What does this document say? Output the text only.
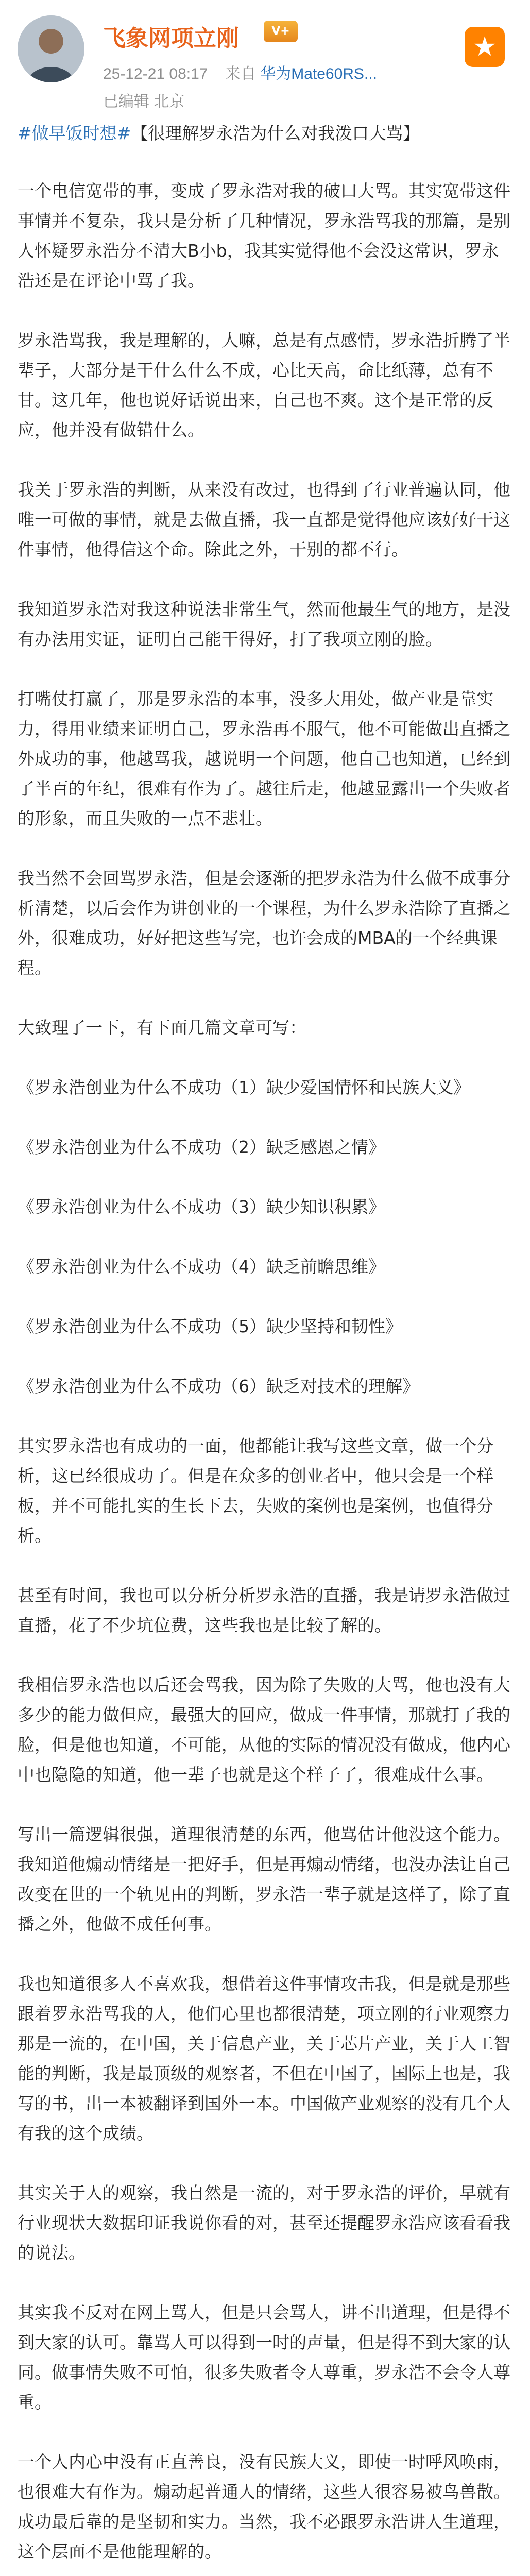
飞象网项立刚	V+
25-12-21 08:17 来自 华为Mate60RS...
已编辑 北京
★

#做早饭时想#【很理解罗永浩为什么对我泼口大骂】

一个电信宽带的事，变成了罗永浩对我的破口大骂。其实宽带这件事情并不复杂，我只是分析了几种情况，罗永浩骂我的那篇，是别人怀疑罗永浩分不清大B小b，我其实觉得他不会没这常识，罗永浩还是在评论中骂了我。

罗永浩骂我，我是理解的，人嘛，总是有点感情，罗永浩折腾了半辈子，大部分是干什么什么不成，心比天高，命比纸薄，总有不甘。这几年，他也说好话说出来，自己也不爽。这个是正常的反应，他并没有做错什么。

我关于罗永浩的判断，从来没有改过，也得到了行业普遍认同，他唯一可做的事情，就是去做直播，我一直都是觉得他应该好好干这件事情，他得信这个命。除此之外，干别的都不行。

我知道罗永浩对我这种说法非常生气，然而他最生气的地方，是没有办法用实证，证明自己能干得好，打了我项立刚的脸。

打嘴仗打赢了，那是罗永浩的本事，没多大用处，做产业是靠实力，得用业绩来证明自己，罗永浩再不服气，他不可能做出直播之外成功的事，他越骂我，越说明一个问题，他自己也知道，已经到了半百的年纪，很难有作为了。越往后走，他越显露出一个失败者的形象，而且失败的一点不悲壮。

我当然不会回骂罗永浩，但是会逐渐的把罗永浩为什么做不成事分析清楚，以后会作为讲创业的一个课程，为什么罗永浩除了直播之外，很难成功，好好把这些写完，也许会成的MBA的一个经典课程。

大致理了一下，有下面几篇文章可写：

《罗永浩创业为什么不成功（1）缺少爱国情怀和民族大义》

《罗永浩创业为什么不成功（2）缺乏感恩之情》

《罗永浩创业为什么不成功（3）缺少知识积累》

《罗永浩创业为什么不成功（4）缺乏前瞻思维》

《罗永浩创业为什么不成功（5）缺少坚持和韧性》

《罗永浩创业为什么不成功（6）缺乏对技术的理解》

其实罗永浩也有成功的一面，他都能让我写这些文章，做一个分析，这已经很成功了。但是在众多的创业者中，他只会是一个样板，并不可能扎实的生长下去，失败的案例也是案例，也值得分析。

甚至有时间，我也可以分析分析罗永浩的直播，我是请罗永浩做过直播，花了不少坑位费，这些我也是比较了解的。

我相信罗永浩也以后还会骂我，因为除了失败的大骂，他也没有大多少的能力做但应，最强大的回应，做成一件事情，那就打了我的脸，但是他也知道，不可能，从他的实际的情况没有做成，他内心中也隐隐的知道，他一辈子也就是这个样子了，很难成什么事。

写出一篇逻辑很强，道理很清楚的东西，他骂估计他没这个能力。我知道他煽动情绪是一把好手，但是再煽动情绪，也没办法让自己改变在世的一个轨见由的判断，罗永浩一辈子就是这样了，除了直播之外，他做不成任何事。

我也知道很多人不喜欢我，想借着这件事情攻击我，但是就是那些跟着罗永浩骂我的人，他们心里也都很清楚，项立刚的行业观察力那是一流的，在中国，关于信息产业，关于芯片产业，关于人工智能的判断，我是最顶级的观察者，不但在中国了，国际上也是，我写的书，出一本被翻译到国外一本。中国做产业观察的没有几个人有我的这个成绩。

其实关于人的观察，我自然是一流的，对于罗永浩的评价，早就有行业现状大数据印证我说你看的对，甚至还提醒罗永浩应该看看我的说法。

其实我不反对在网上骂人，但是只会骂人，讲不出道理，但是得不到大家的认可。靠骂人可以得到一时的声量，但是得不到大家的认同。做事情失败不可怕，很多失败者令人尊重，罗永浩不会令人尊重。

一个人内心中没有正直善良，没有民族大义，即使一时呼风唤雨，也很难大有作为。煽动起普通人的情绪，这些人很容易被鸟兽散。成功最后靠的是坚韧和实力。当然，我不必跟罗永浩讲人生道理，这个层面不是他能理解的。
